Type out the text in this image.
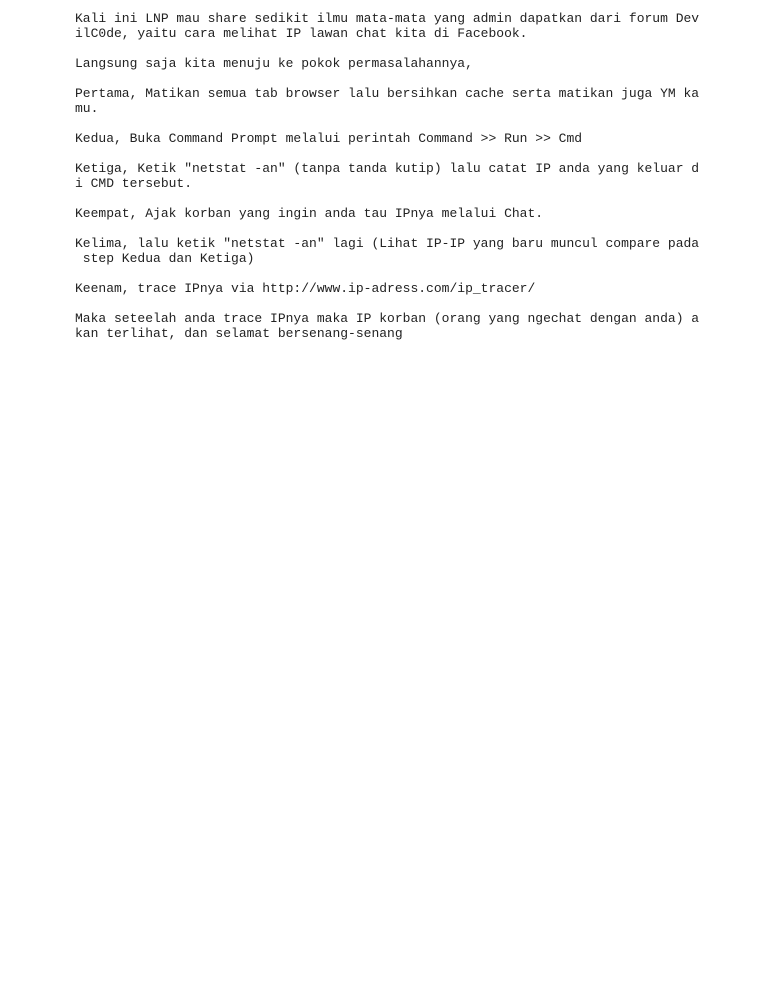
Kali ini LNP mau share sedikit ilmu mata-mata yang admin dapatkan dari forum Dev
ilC0de, yaitu cara melihat IP lawan chat kita di Facebook.

Langsung saja kita menuju ke pokok permasalahannya,

Pertama, Matikan semua tab browser lalu bersihkan cache serta matikan juga YM ka
mu.

Kedua, Buka Command Prompt melalui perintah Command >> Run >> Cmd

Ketiga, Ketik "netstat -an" (tanpa tanda kutip) lalu catat IP anda yang keluar d
i CMD tersebut.

Keempat, Ajak korban yang ingin anda tau IPnya melalui Chat.

Kelima, lalu ketik "netstat -an" lagi (Lihat IP-IP yang baru muncul compare pada
step Kedua dan Ketiga)

Keenam, trace IPnya via http://www.ip-adress.com/ip_tracer/

Maka seteelah anda trace IPnya maka IP korban (orang yang ngechat dengan anda) a
kan terlihat, dan selamat bersenang-senang
